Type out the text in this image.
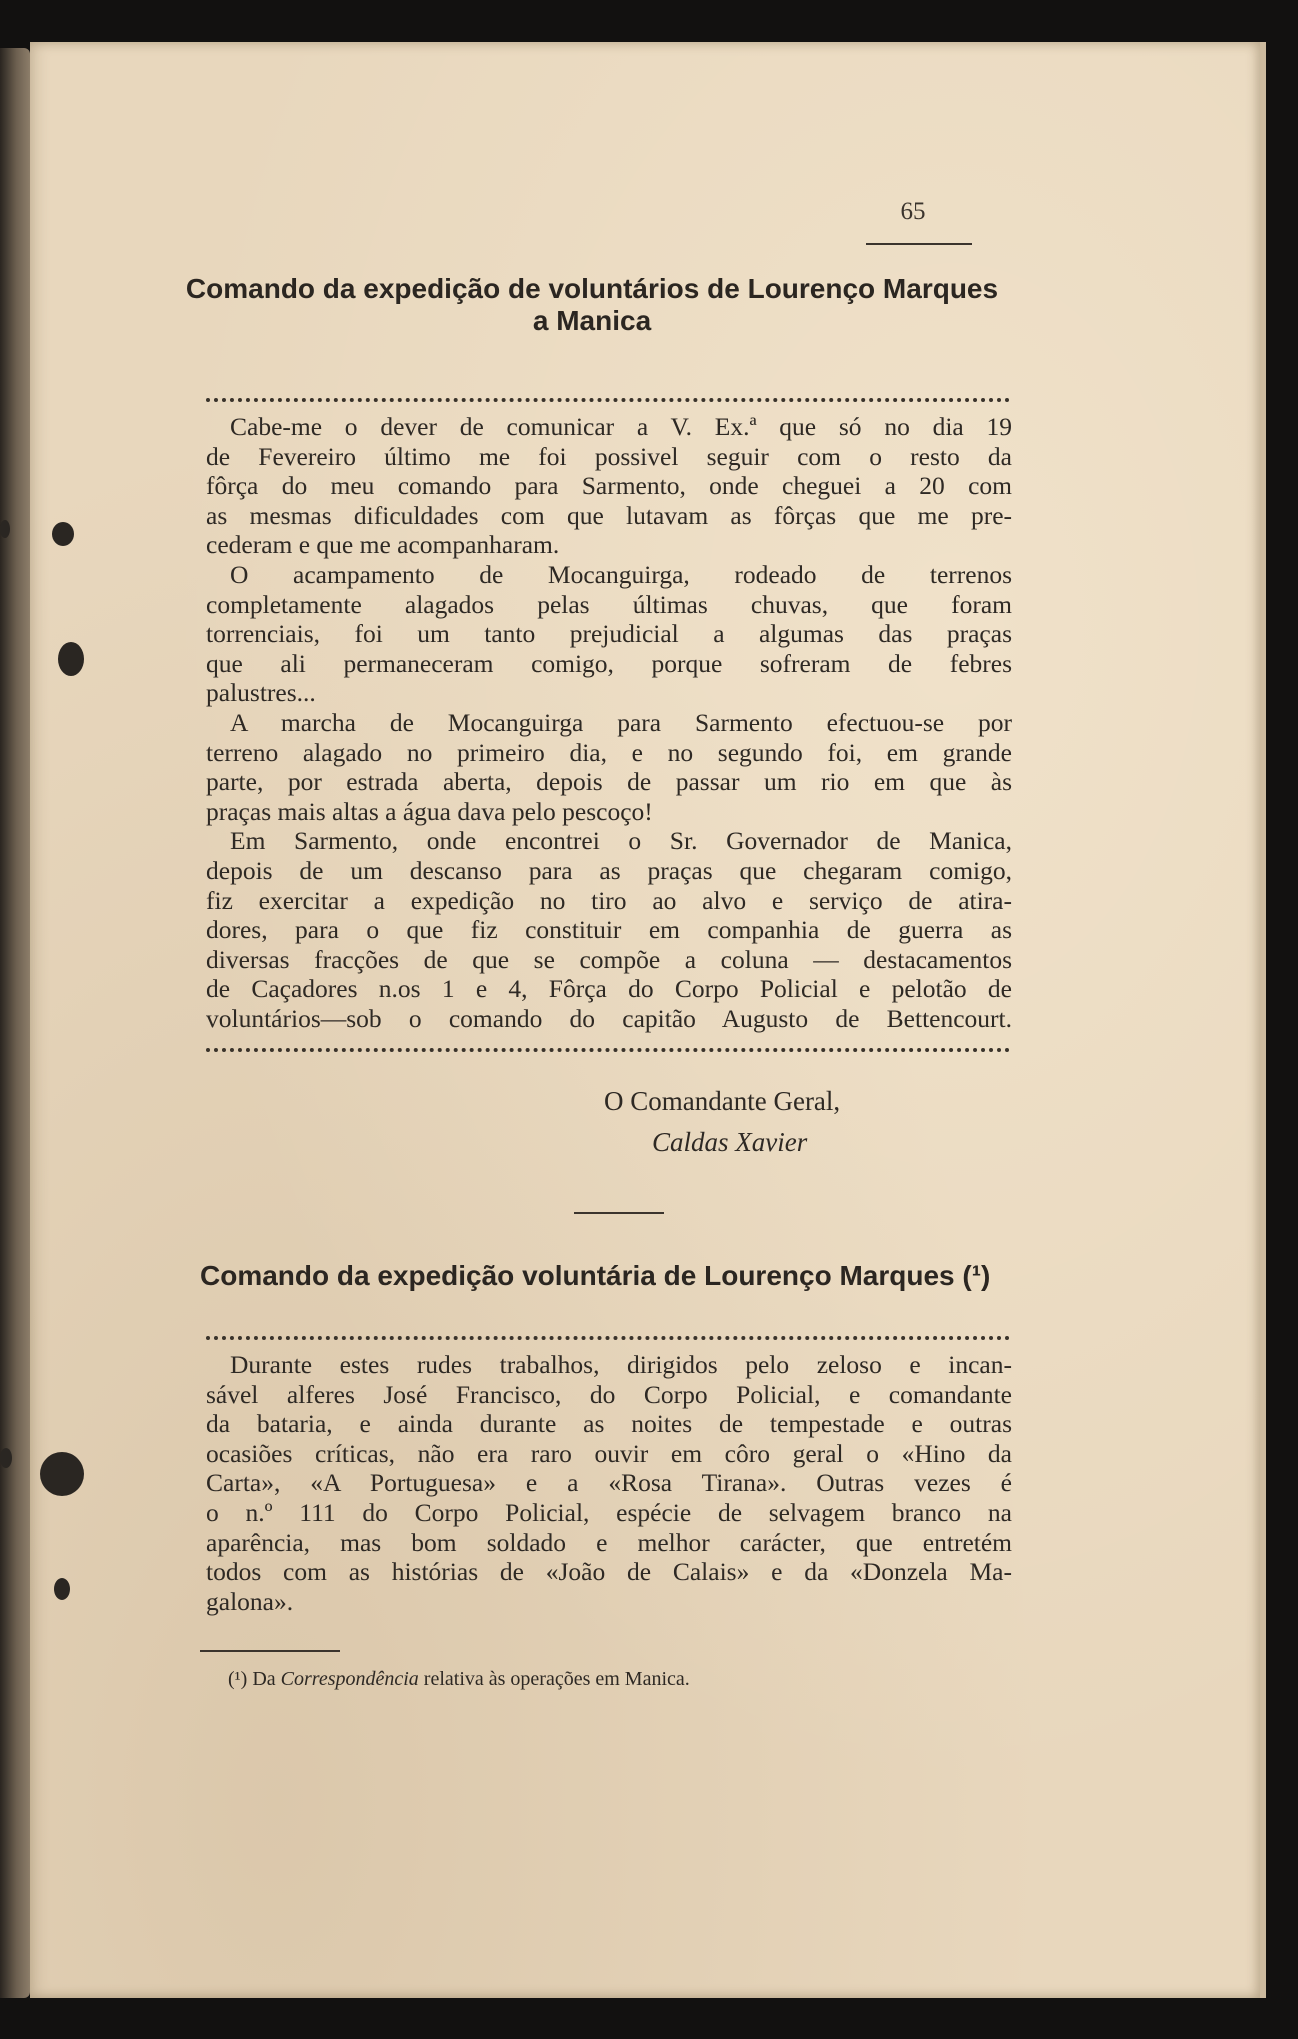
65
Comando da expedição de voluntários de Lourenço Marques a Manica
Cabe-me o dever de comunicar a V. Ex.ª que só no dia 19
de Fevereiro último me foi possivel seguir com o resto da
fôrça do meu comando para Sarmento, onde cheguei a 20 com
as mesmas dificuldades com que lutavam as fôrças que me pre-
cederam e que me acompanharam.
O acampamento de Mocanguirga, rodeado de terrenos
completamente alagados pelas últimas chuvas, que foram
torrenciais, foi um tanto prejudicial a algumas das praças
que ali permaneceram comigo, porque sofreram de febres
palustres...
A marcha de Mocanguirga para Sarmento efectuou-se por
terreno alagado no primeiro dia, e no segundo foi, em grande
parte, por estrada aberta, depois de passar um rio em que às
praças mais altas a água dava pelo pescoço!
Em Sarmento, onde encontrei o Sr. Governador de Manica,
depois de um descanso para as praças que chegaram comigo,
fiz exercitar a expedição no tiro ao alvo e serviço de atira-
dores, para o que fiz constituir em companhia de guerra as
diversas fracções de que se compõe a coluna — destacamentos
de Caçadores n.os 1 e 4, Fôrça do Corpo Policial e pelotão de
voluntários—sob o comando do capitão Augusto de Bettencourt.
O Comandante Geral,
Caldas Xavier
Comando da expedição voluntária de Lourenço Marques (¹)
Durante estes rudes trabalhos, dirigidos pelo zeloso e incan-
sável alferes José Francisco, do Corpo Policial, e comandante
da bataria, e ainda durante as noites de tempestade e outras
ocasiões críticas, não era raro ouvir em côro geral o «Hino da
Carta», «A Portuguesa» e a «Rosa Tirana». Outras vezes é
o n.º 111 do Corpo Policial, espécie de selvagem branco na
aparência, mas bom soldado e melhor carácter, que entretém
todos com as histórias de «João de Calais» e da «Donzela Ma-
galona».
(¹) Da Correspondência relativa às operações em Manica.
